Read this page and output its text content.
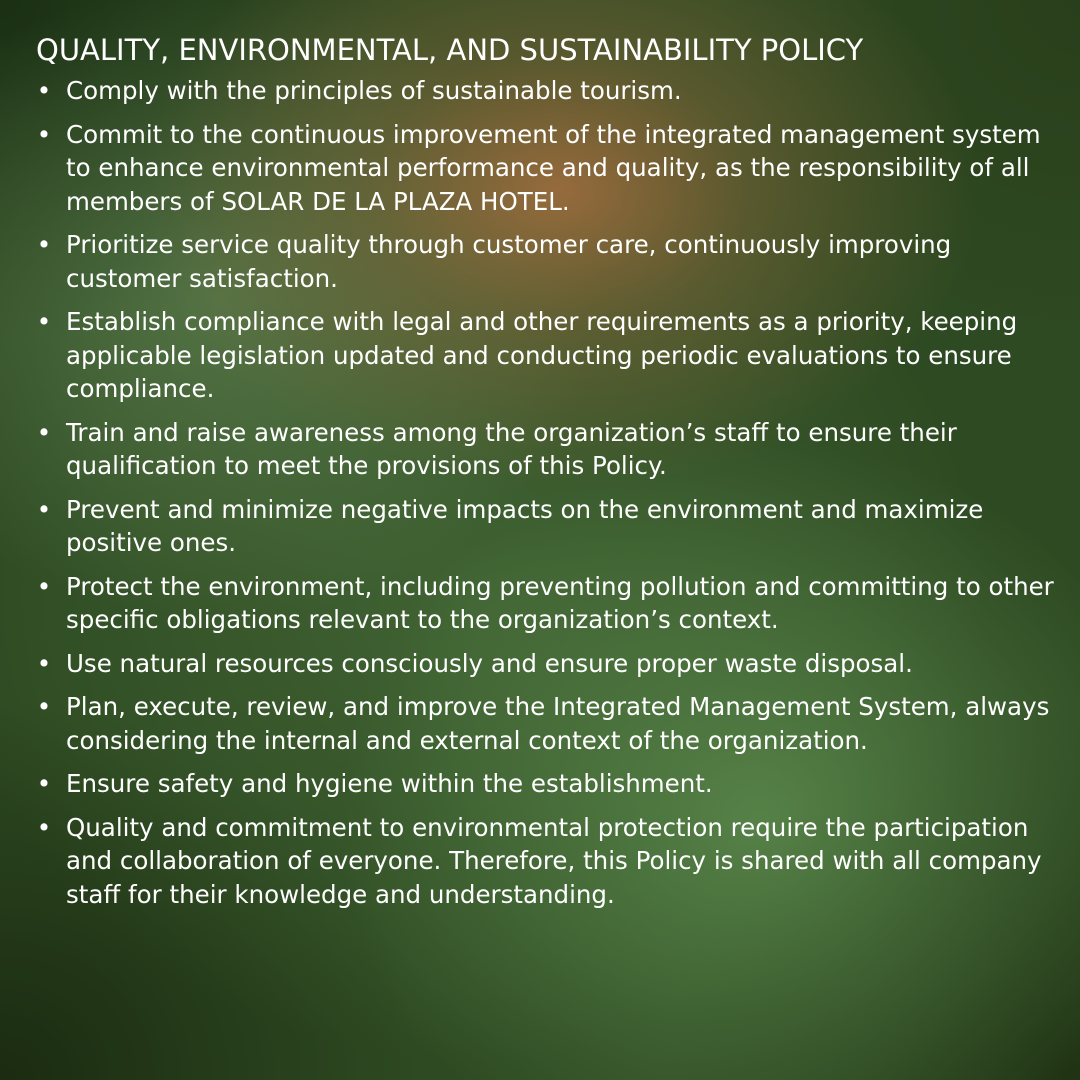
QUALITY, ENVIRONMENTAL, AND SUSTAINABILITY POLICY
• Comply with the principles of sustainable tourism.
• Commit to the continuous improvement of the integrated management system to enhance environmental performance and quality, as the responsibility of all members of SOLAR DE LA PLAZA HOTEL.
• Prioritize service quality through customer care, continuously improving customer satisfaction.
• Establish compliance with legal and other requirements as a priority, keeping applicable legislation updated and conducting periodic evaluations to ensure compliance.
• Train and raise awareness among the organization’s staff to ensure their qualification to meet the provisions of this Policy.
• Prevent and minimize negative impacts on the environment and maximize positive ones.
• Protect the environment, including preventing pollution and committing to other specific obligations relevant to the organization’s context.
• Use natural resources consciously and ensure proper waste disposal.
• Plan, execute, review, and improve the Integrated Management System, always considering the internal and external context of the organization.
• Ensure safety and hygiene within the establishment.
• Quality and commitment to environmental protection require the participation and collaboration of everyone. Therefore, this Policy is shared with all company staff for their knowledge and understanding.
